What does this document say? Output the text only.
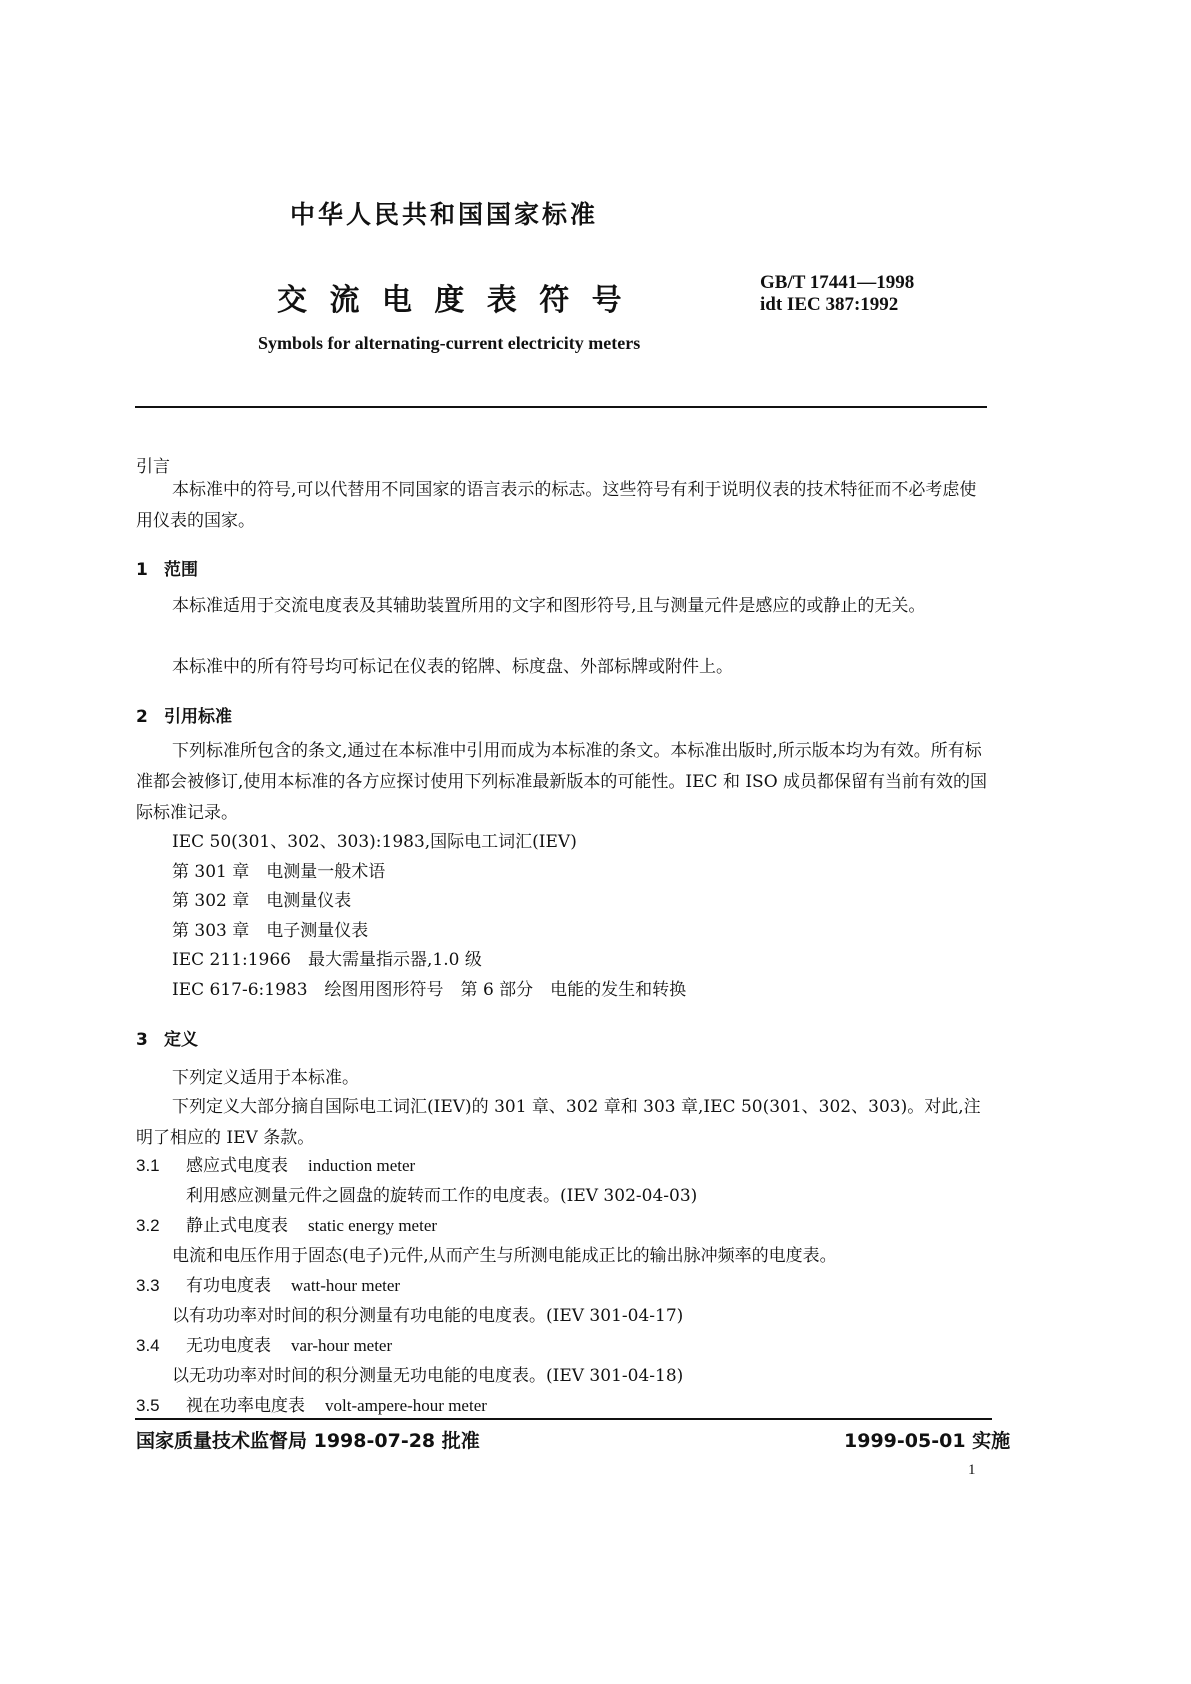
中华人民共和国国家标准
交 流 电 度 表 符 号
GB/T 17441—1998
idt IEC 387:1992
Symbols for alternating-current electricity meters
引言
本标准中的符号,可以代替用不同国家的语言表示的标志。这些符号有利于说明仪表的技术特征而不必考虑使用仪表的国家。
1 范围
本标准适用于交流电度表及其辅助装置所用的文字和图形符号,且与测量元件是感应的或静止的无关。
本标准中的所有符号均可标记在仪表的铭牌、标度盘、外部标牌或附件上。
2 引用标准
下列标准所包含的条文,通过在本标准中引用而成为本标准的条文。本标准出版时,所示版本均为有效。所有标准都会被修订,使用本标准的各方应探讨使用下列标准最新版本的可能性。IEC 和 ISO 成员都保留有当前有效的国际标准记录。
IEC 50(301、302、303):1983,国际电工词汇(IEV)
第 301 章　电测量一般术语
第 302 章　电测量仪表
第 303 章　电子测量仪表
IEC 211:1966　最大需量指示器,1.0 级
IEC 617-6:1983　绘图用图形符号　第 6 部分　电能的发生和转换
3 定义
下列定义适用于本标准。
下列定义大部分摘自国际电工词汇(IEV)的 301 章、302 章和 303 章,IEC 50(301、302、303)。对此,注明了相应的 IEV 条款。
3.1 感应式电度表 induction meter
利用感应测量元件之圆盘的旋转而工作的电度表。(IEV 302-04-03)
3.2 静止式电度表 static energy meter
电流和电压作用于固态(电子)元件,从而产生与所测电能成正比的输出脉冲频率的电度表。
3.3 有功电度表 watt-hour meter
以有功功率对时间的积分测量有功电能的电度表。(IEV 301-04-17)
3.4 无功电度表 var-hour meter
以无功功率对时间的积分测量无功电能的电度表。(IEV 301-04-18)
3.5 视在功率电度表 volt-ampere-hour meter
国家质量技术监督局 1998-07-28 批准	1999-05-01 实施
1
